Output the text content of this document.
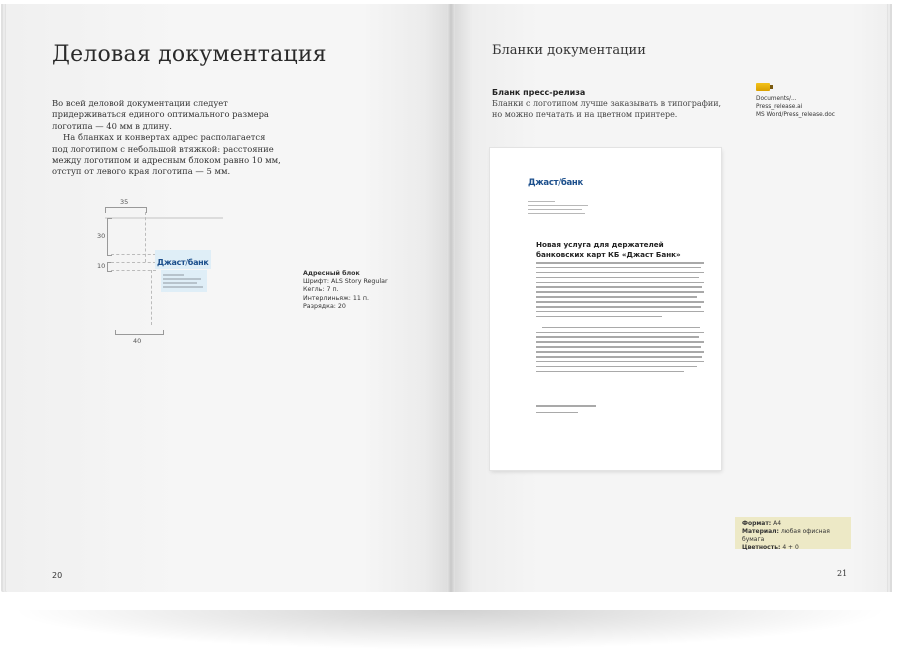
Деловая документация

Во всей деловой документации следует придерживаться единого оптимального размера логотипа — 40 мм в длину.

На бланках и конвертах адрес располагается под логотипом с небольшой втяжкой: расстояние между логотипом и адресным блоком равно 10 мм, отступ от левого края логотипа — 5 мм.

35
30
10	Джаст/банк
40
Адресный блок
Шрифт: ALS Story Regular
Кегль: 7 п.
Интерлиньяж: 11 п.
Разрядка: 20
20
Бланки документации
Бланк пресс-релиза
Бланки с логотипом лучше заказывать в типографии,
но можно печатать и на цветном принтере.
Documents/...
Press_release.ai
MS Word/Press_release.doc
Джаст/банк
Новая услуга для держателей
банковских карт КБ «Джаст Банк»
Формат: A4
Материал: любая офисная бумага
Цветность: 4 + 0
21
